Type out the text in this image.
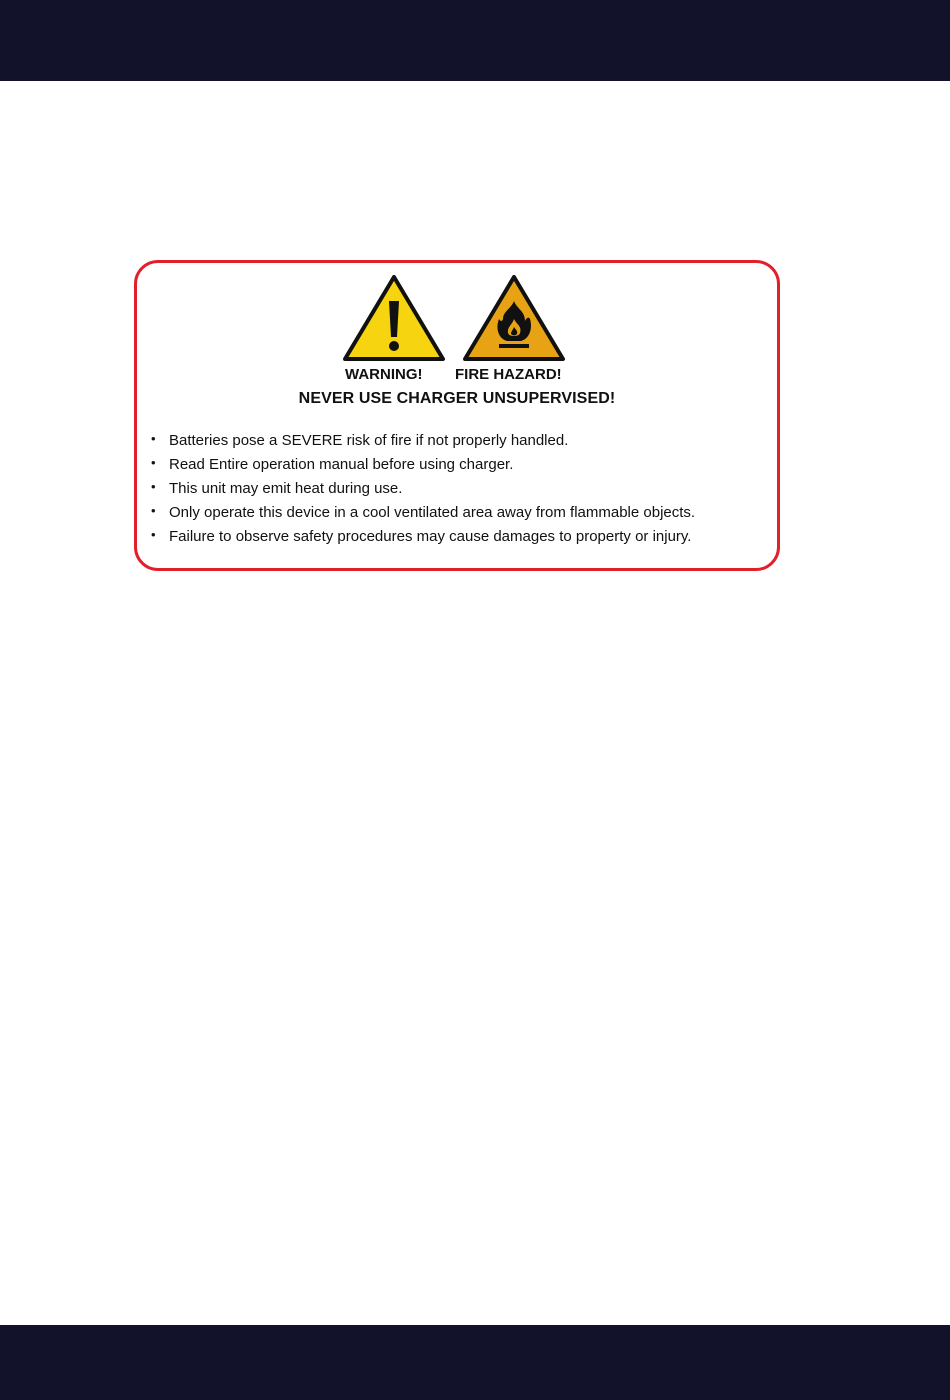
WARNING! FIRE HAZARD!
NEVER USE CHARGER UNSUPERVISED!
• Batteries pose a SEVERE risk of fire if not properly handled.
• Read Entire operation manual before using charger.
• This unit may emit heat during use.
• Only operate this device in a cool ventilated area away from flammable objects.
• Failure to observe safety procedures may cause damages to property or injury.
